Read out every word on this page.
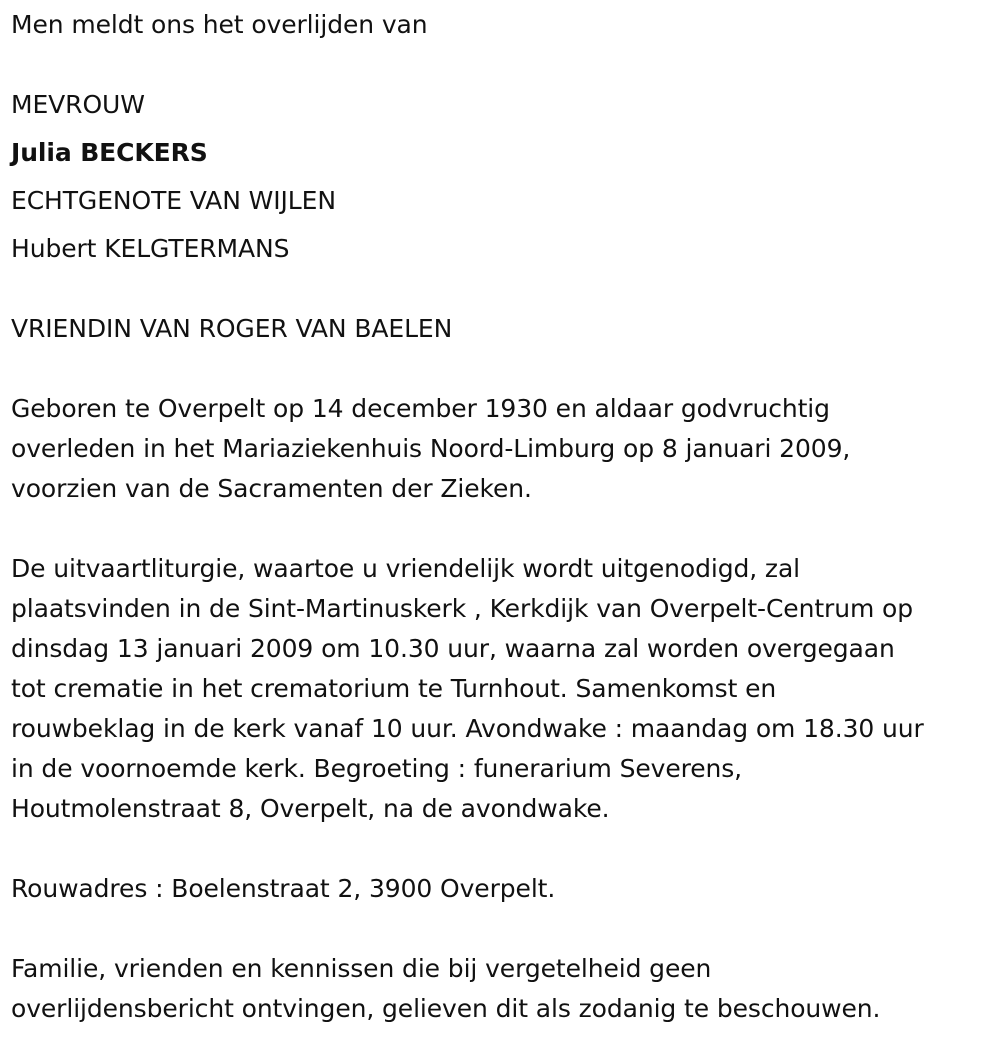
Men meldt ons het overlijden van
MEVROUW
Julia BECKERS
ECHTGENOTE VAN WIJLEN
Hubert KELGTERMANS
VRIENDIN VAN ROGER VAN BAELEN
Geboren te Overpelt op 14 december 1930 en aldaar godvruchtig
overleden in het Mariaziekenhuis Noord-Limburg op 8 januari 2009,
voorzien van de Sacramenten der Zieken.
De uitvaartliturgie, waartoe u vriendelijk wordt uitgenodigd, zal
plaatsvinden in de Sint-Martinuskerk , Kerkdijk van Overpelt-Centrum op
dinsdag 13 januari 2009 om 10.30 uur, waarna zal worden overgegaan
tot crematie in het crematorium te Turnhout. Samenkomst en
rouwbeklag in de kerk vanaf 10 uur. Avondwake : maandag om 18.30 uur
in de voornoemde kerk. Begroeting : funerarium Severens,
Houtmolenstraat 8, Overpelt, na de avondwake.
Rouwadres : Boelenstraat 2, 3900 Overpelt.
Familie, vrienden en kennissen die bij vergetelheid geen
overlijdensbericht ontvingen, gelieven dit als zodanig te beschouwen.
